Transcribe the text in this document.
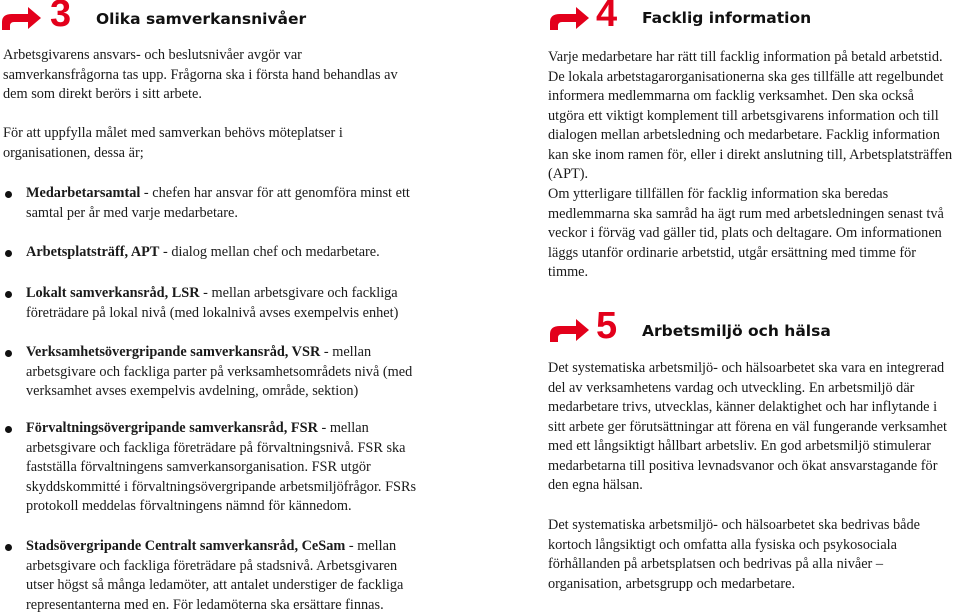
3 Olika samverkansnivåer

Arbetsgivarens ansvars- och beslutsnivåer avgör var samverkansfrågorna tas upp. Frågorna ska i första hand behandlas av dem som direkt berörs i sitt arbete.

För att uppfylla målet med samverkan behövs möteplatser i organisationen, dessa är;

Medarbetarsamtal - chefen har ansvar för att genomföra minst ett samtal per år med varje medarbetare.
Arbetsplatsträff, APT - dialog mellan chef och medarbetare.
Lokalt samverkansråd, LSR - mellan arbetsgivare och fackliga företrädare på lokal nivå (med lokalnivå avses exempelvis enhet)
Verksamhetsövergripande samverkansråd, VSR - mellan arbetsgivare och fackliga parter på verksamhetsområdets nivå (med verksamhet avses exempelvis avdelning, område, sektion)
Förvaltningsövergripande samverkansråd, FSR - mellan arbetsgivare och fackliga företrädare på förvaltningsnivå. FSR ska fastställa förvaltningens samverkansorganisation. FSR utgör skyddskommitté i förvaltningsövergripande arbetsmiljöfrågor. FSRs protokoll meddelas förvaltningens nämnd för kännedom.
Stadsövergripande Centralt samverkansråd, CeSam - mellan arbetsgivare och fackliga företrädare på stadsnivå. Arbetsgivaren utser högst så många ledamöter, att antalet understiger de fackliga representanterna med en. För ledamöterna ska ersättare finnas.
4 Facklig information

Varje medarbetare har rätt till facklig information på betald arbetstid. De lokala arbetstagarorganisationerna ska ges tillfälle att regelbundet informera medlemmarna om facklig verksamhet. Den ska också utgöra ett viktigt komplement till arbetsgivarens information och till dialogen mellan arbetsledning och medarbetare. Facklig information kan ske inom ramen för, eller i direkt anslutning till, Arbetsplatsträffen (APT).

Om ytterligare tillfällen för facklig information ska beredas medlemmarna ska samråd ha ägt rum med arbetsledningen senast två veckor i förväg vad gäller tid, plats och deltagare. Om informationen läggs utanför ordinarie arbetstid, utgår ersättning med timme för timme.

5 Arbetsmiljö och hälsa

Det systematiska arbetsmiljö- och hälsoarbetet ska vara en integrerad del av verksamhetens vardag och utveckling. En arbetsmiljö där medarbetare trivs, utvecklas, känner delaktighet och har inflytande i sitt arbete ger förutsättningar att förena en väl fungerande verksamhet med ett långsiktigt hållbart arbetsliv. En god arbetsmiljö stimulerar medarbetarna till positiva levnadsvanor och ökat ansvarstagande för den egna hälsan.

Det systematiska arbetsmiljö- och hälsoarbetet ska bedrivas både kortoch långsiktigt och omfatta alla fysiska och psykosociala förhållanden på arbetsplatsen och bedrivas på alla nivåer – organisation, arbetsgrupp och medarbetare.
